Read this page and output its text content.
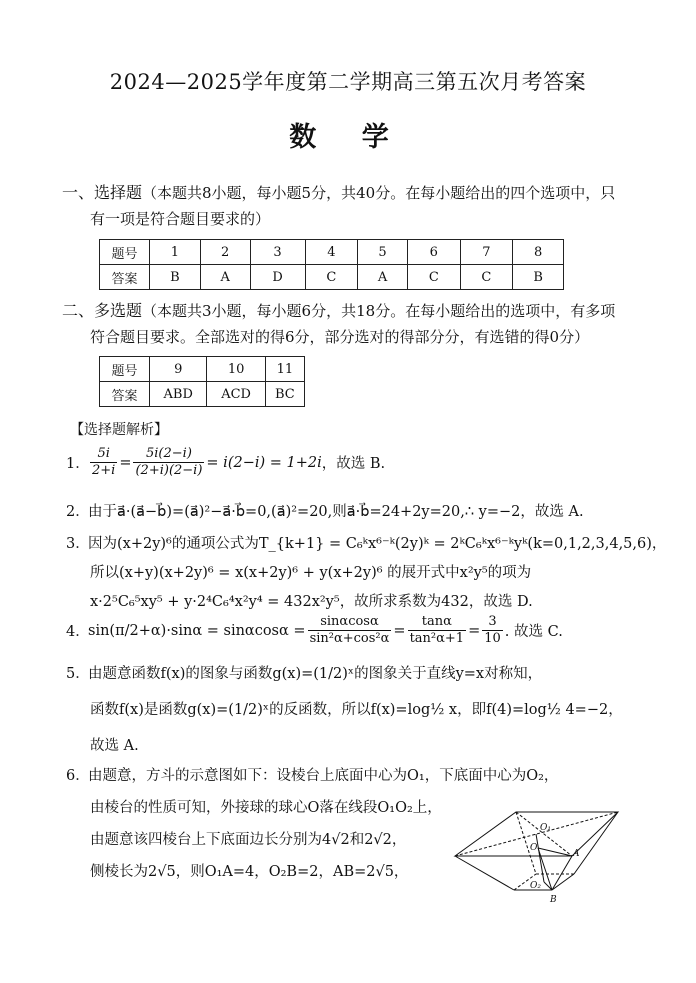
2024—2025学年度第二学期高三第五次月考答案
数 学
一、选择题（本题共8小题，每小题5分，共40分。在每小题给出的四个选项中，只
有一项是符合题目要求的）
题号	1	2	3	4	5	6	7	8
答案	B	A	D	C	A	C	C	B
二、多选题（本题共3小题，每小题6分，共18分。在每小题给出的选项中，有多项
符合题目要求。全部选对的得6分，部分选对的得部分分，有选错的得0分）
题号	9	10	11
答案	ABD	ACD	BC
【选择题解析】
1． $\frac{5i}{2+i} = \frac{5i(2-i)}{(2+i)(2-i)} = i(2-i) = 1+2i$ ，故选 B.
2．由于a⃗·(a⃗−b⃗)=(a⃗)²−a⃗·b⃗=0,(a⃗)²=20,则a⃗·b⃗=24+2y=20,∴ y=−2，故选 A.
3．因为(x+2y)⁶的通项公式为T_{k+1} = C₆ᵏx⁶⁻ᵏ(2y)ᵏ = 2ᵏC₆ᵏx⁶⁻ᵏyᵏ(k=0,1,2,3,4,5,6)，
所以(x+y)(x+2y)⁶ = x(x+2y)⁶ + y(x+2y)⁶ 的展开式中x²y⁵的项为
x·2⁵C₆⁵xy⁵ + y·2⁴C₆⁴x²y⁴ = 432x²y⁵，故所求系数为432，故选 D.
4．
$\sin(\pi/2+\alpha)\cdot\sin\alpha = \sin\alpha\cos\alpha = \frac{\sin\alpha\cos\alpha}{\text{sin²α+cos²α}} = \frac{\tan\alpha}{\text{tan²α+1}} = \frac{3}{10}$ . 故选 C.
5．由题意函数f(x)的图象与函数g(x)=(1/2)ˣ的图象关于直线y=x对称知，
函数f(x)是函数g(x)=(1/2)ˣ的反函数，所以f(x)=log½ x，即f(4)=log½ 4=−2，
故选 A.
6．由题意，方斗的示意图如下：设棱台上底面中心为O₁，下底面中心为O₂，
由棱台的性质可知，外接球的球心O落在线段O₁O₂上，
由题意该四棱台上下底面边长分别为4√2和2√2，
侧棱长为2√5，则O₁A=4，O₂B=2，AB=2√5，
O₁
O
A
O₂
B
